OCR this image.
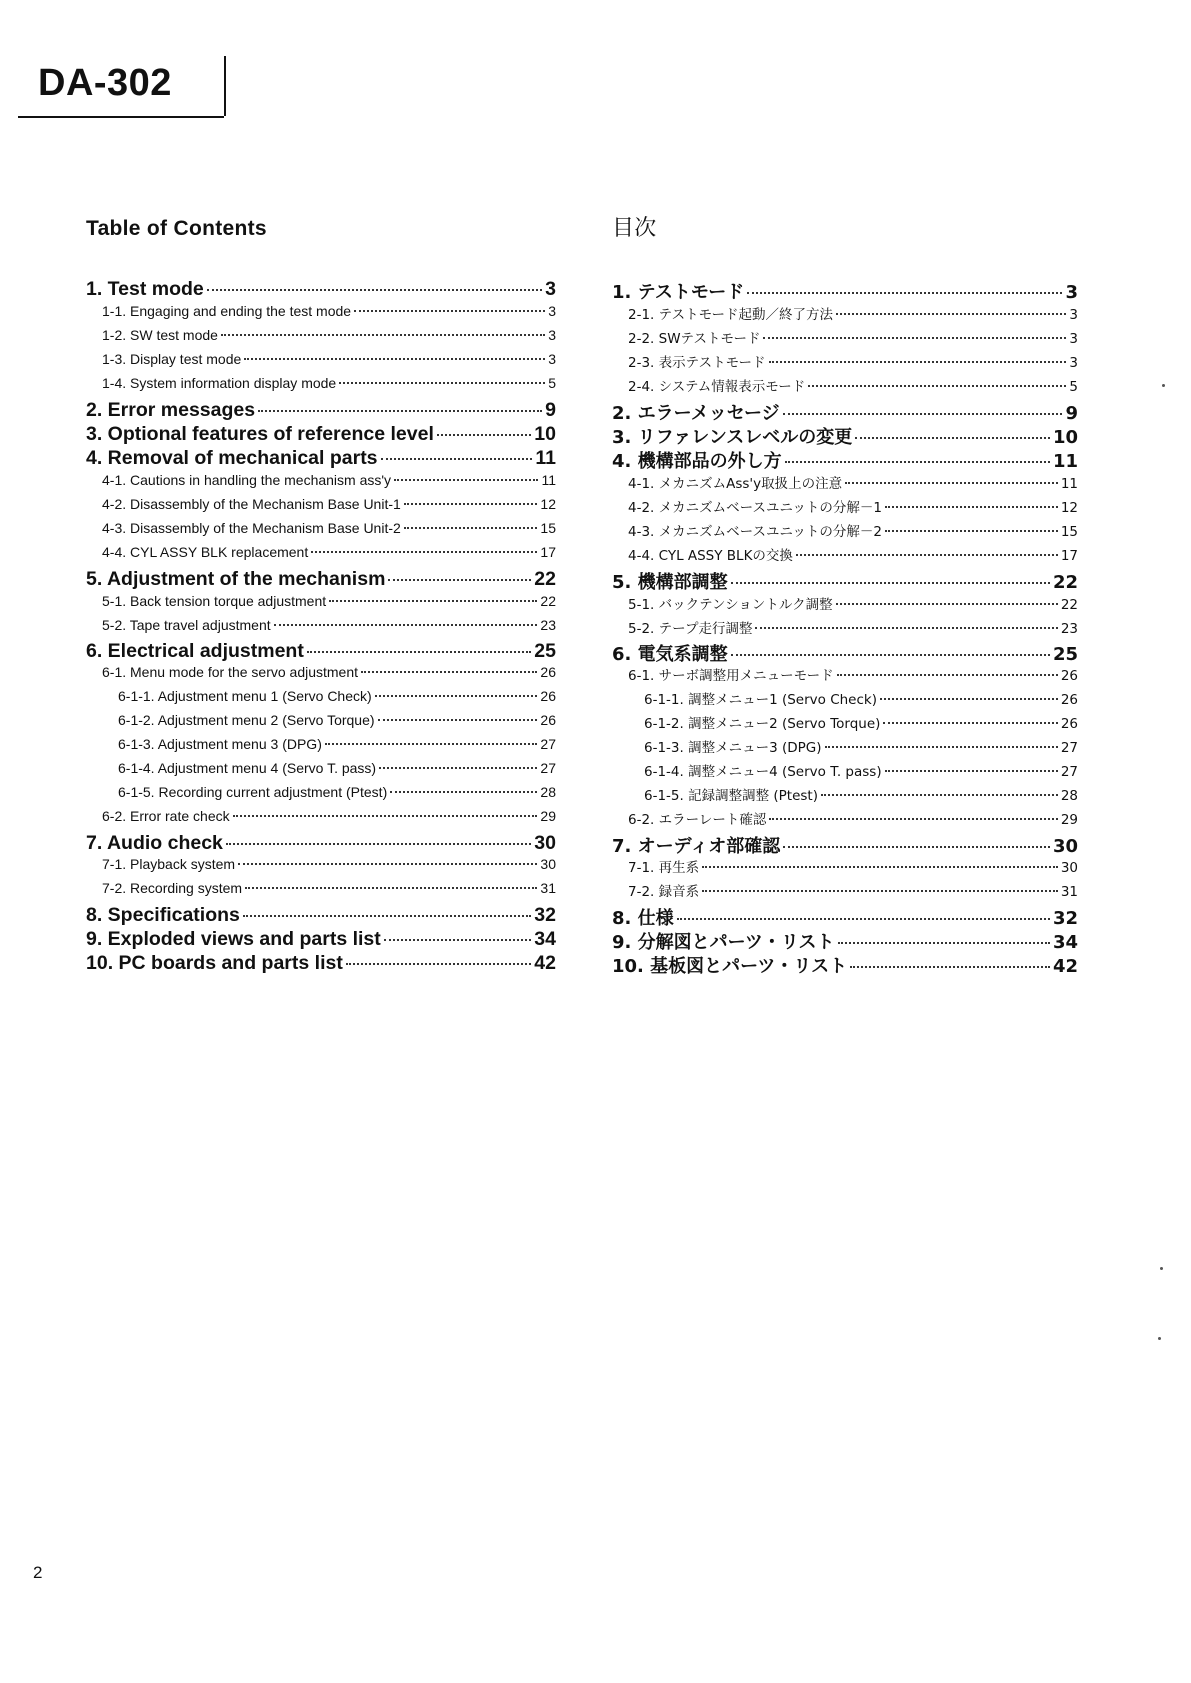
DA-302
Table of Contents
1. Test mode	3
1-1. Engaging and ending the test mode	3
1-2. SW test mode	3
1-3. Display test mode	3
1-4. System information display mode	5
2. Error messages	9
3. Optional features of reference level	10
4. Removal of mechanical parts	11
4-1. Cautions in handling the mechanism ass'y	11
4-2. Disassembly of the Mechanism Base Unit-1	12
4-3. Disassembly of the Mechanism Base Unit-2	15
4-4. CYL ASSY BLK replacement	17
5. Adjustment of the mechanism	22
5-1. Back tension torque adjustment	22
5-2. Tape travel adjustment	23
6. Electrical adjustment	25
6-1. Menu mode for the servo adjustment	26
6-1-1. Adjustment menu 1 (Servo Check)	26
6-1-2. Adjustment menu 2 (Servo Torque)	26
6-1-3. Adjustment menu 3 (DPG)	27
6-1-4. Adjustment menu 4 (Servo T. pass)	27
6-1-5. Recording current adjustment (Ptest)	28
6-2. Error rate check	29
7. Audio check	30
7-1. Playback system	30
7-2. Recording system	31
8. Specifications	32
9. Exploded views and parts list	34
10. PC boards and parts list	42
目次
1. テストモード	3
2-1. テストモード起動／終了方法	3
2-2. SWテストモード	3
2-3. 表示テストモード	3
2-4. システム情報表示モード	5
2. エラーメッセージ	9
3. リファレンスレベルの変更	10
4. 機構部品の外し方	11
4-1. メカニズムAss'y取扱上の注意	11
4-2. メカニズムベースユニットの分解－1	12
4-3. メカニズムベースユニットの分解－2	15
4-4. CYL ASSY BLKの交換	17
5. 機構部調整	22
5-1. バックテンショントルク調整	22
5-2. テープ走行調整	23
6. 電気系調整	25
6-1. サーボ調整用メニューモード	26
6-1-1. 調整メニュー1 (Servo Check)	26
6-1-2. 調整メニュー2 (Servo Torque)	26
6-1-3. 調整メニュー3 (DPG)	27
6-1-4. 調整メニュー4 (Servo T. pass)	27
6-1-5. 記録調整調整 (Ptest)	28
6-2. エラーレート確認	29
7. オーディオ部確認	30
7-1. 再生系	30
7-2. 録音系	31
8. 仕様	32
9. 分解図とパーツ・リスト	34
10. 基板図とパーツ・リスト	42
2
